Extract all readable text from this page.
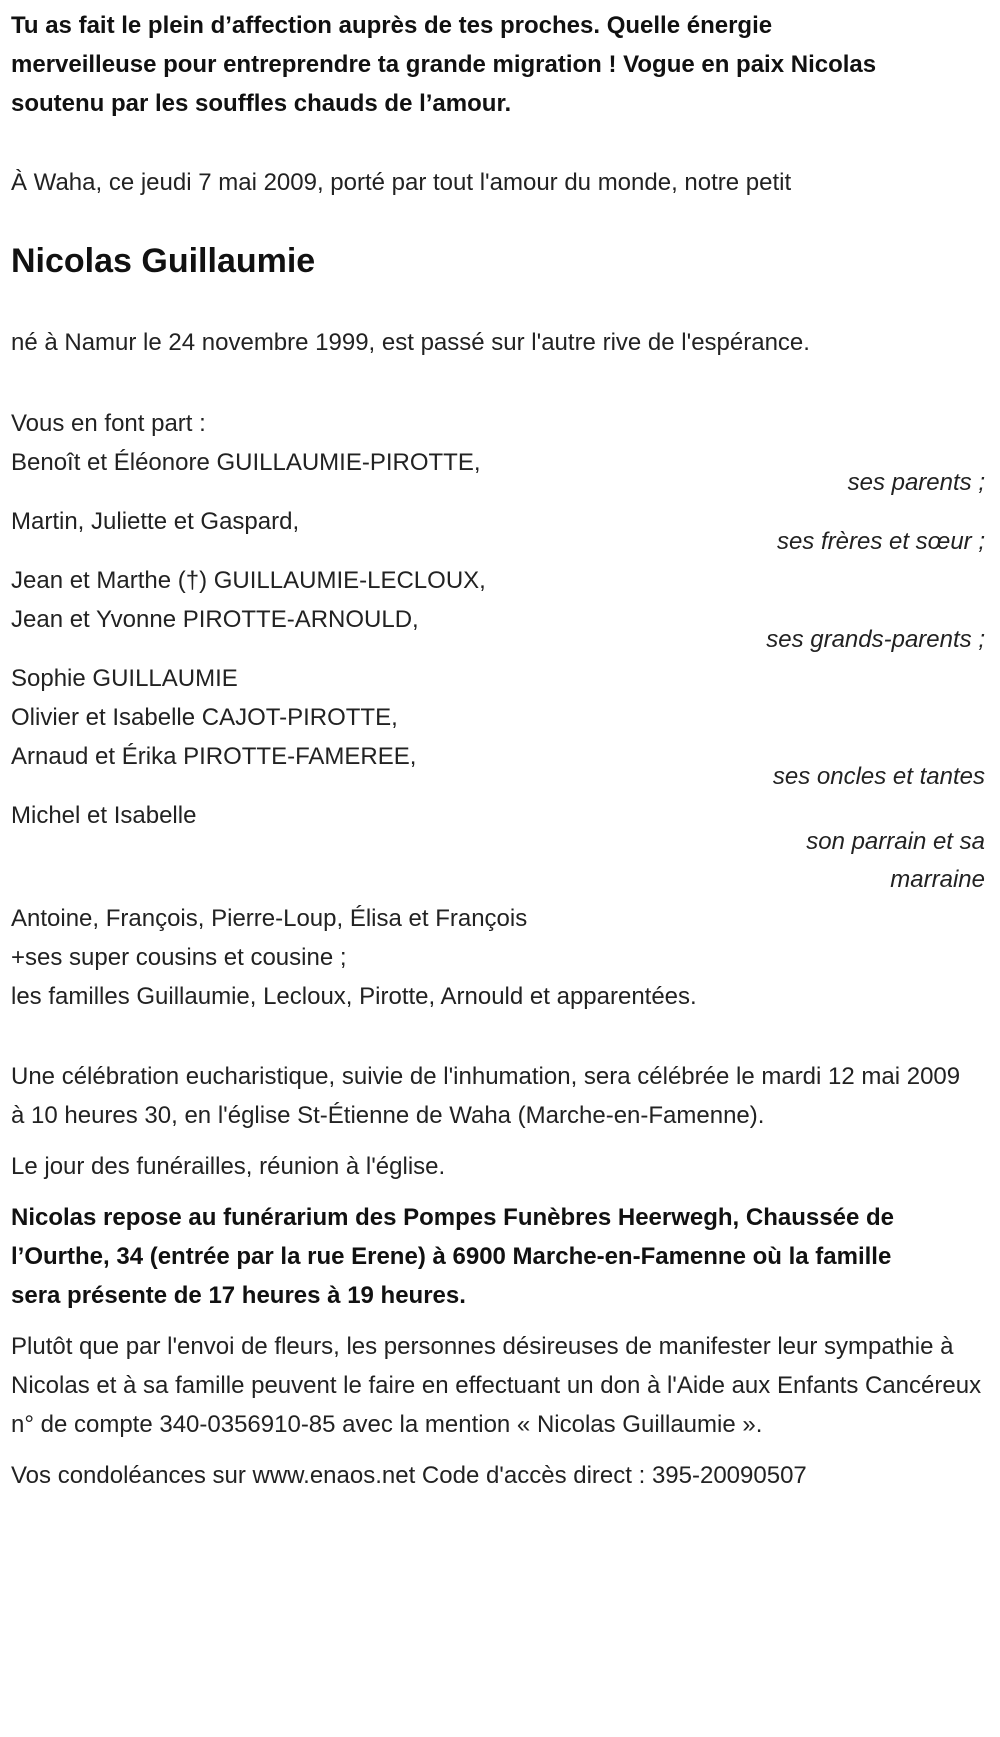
Tu as fait le plein d’affection auprès de tes proches. Quelle énergie merveilleuse pour entreprendre ta grande migration ! Vogue en paix Nicolas soutenu par les souffles chauds de l’amour.

À Waha, ce jeudi 7 mai 2009, porté par tout l'amour du monde, notre petit

Nicolas Guillaumie

né à Namur le 24 novembre 1999, est passé sur l'autre rive de l'espérance.

Vous en font part :

Benoît et Éléonore GUILLAUMIE-PIROTTE,

ses parents ;

Martin, Juliette et Gaspard,

ses frères et sœur ;

Jean et Marthe (†) GUILLAUMIE-LECLOUX,

Jean et Yvonne PIROTTE-ARNOULD,

ses grands-parents ;

Sophie GUILLAUMIE

Olivier et Isabelle CAJOT-PIROTTE,

Arnaud et Érika PIROTTE-FAMEREE,

ses oncles et tantes

Michel et Isabelle

son parrain et sa marraine

Antoine, François, Pierre-Loup, Élisa et François

+ses super cousins et cousine ;

les familles Guillaumie, Lecloux, Pirotte, Arnould et apparentées.

Une célébration eucharistique, suivie de l'inhumation, sera célébrée le mardi 12 mai 2009 à 10 heures 30, en l'église St-Étienne de Waha (Marche-en-Famenne).

Le jour des funérailles, réunion à l'église.

Nicolas repose au funérarium des Pompes Funèbres Heerwegh, Chaussée de l’Ourthe, 34 (entrée par la rue Erene) à 6900 Marche-en-Famenne où la famille sera présente de 17 heures à 19 heures.

Plutôt que par l'envoi de fleurs, les personnes désireuses de manifester leur sympathie à Nicolas et à sa famille peuvent le faire en effectuant un don à l'Aide aux Enfants Cancéreux n° de compte 340-0356910-85 avec la mention « Nicolas Guillaumie ».

Vos condoléances sur www.enaos.net Code d'accès direct : 395-20090507
